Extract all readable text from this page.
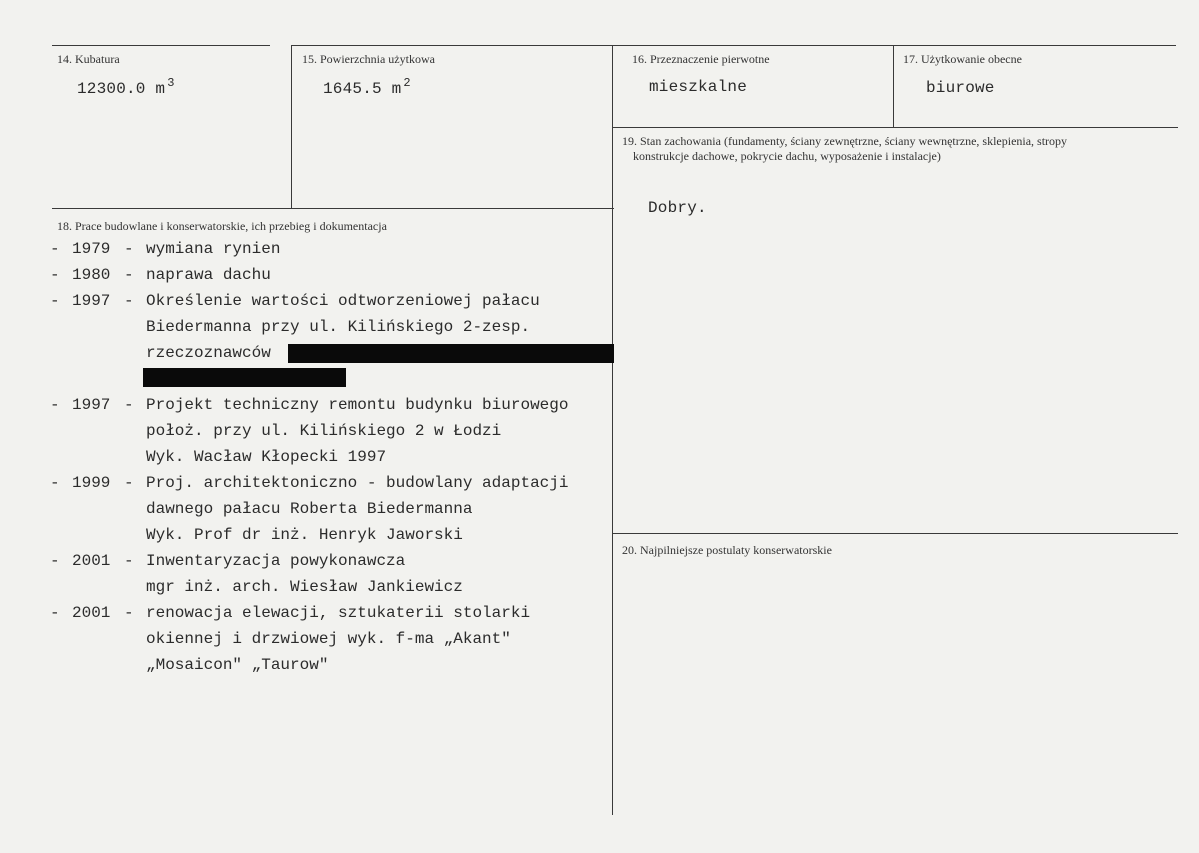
14. Kubatura
12300.0 m $^3$
15. Powierzchnia użytkowa
1645.5 m $^2$
16. Przeznaczenie pierwotne
mieszkalne
17. Użytkowanie obecne
biurowe
19. Stan zachowania (fundamenty, ściany zewnętrzne, ściany wewnętrzne, sklepienia, stropy
konstrukcje dachowe, pokrycie dachu, wyposażenie i instalacje)
Dobry.
18. Prace budowlane i konserwatorskie, ich przebieg i dokumentacja
- 1979 - wymiana rynien
- 1980 - naprawa dachu
- 1997 - Określenie wartości odtworzeniowej pałacu
Biedermanna przy ul. Kilińskiego 2-zesp.
rzeczoznawców

- 1997 - Projekt techniczny remontu budynku biurowego
położ. przy ul. Kilińskiego 2 w Łodzi
Wyk. Wacław Kłopecki 1997
- 1999 - Proj. architektoniczno - budowlany adaptacji
dawnego pałacu Roberta Biedermanna
Wyk. Prof dr inż. Henryk Jaworski
- 2001 - Inwentaryzacja powykonawcza
mgr inż. arch. Wiesław Jankiewicz
- 2001 - renowacja elewacji, sztukaterii stolarki
okiennej i drzwiowej wyk. f-ma „Akant"
„Mosaicon" „Taurow"
20. Najpilniejsze postulaty konserwatorskie
